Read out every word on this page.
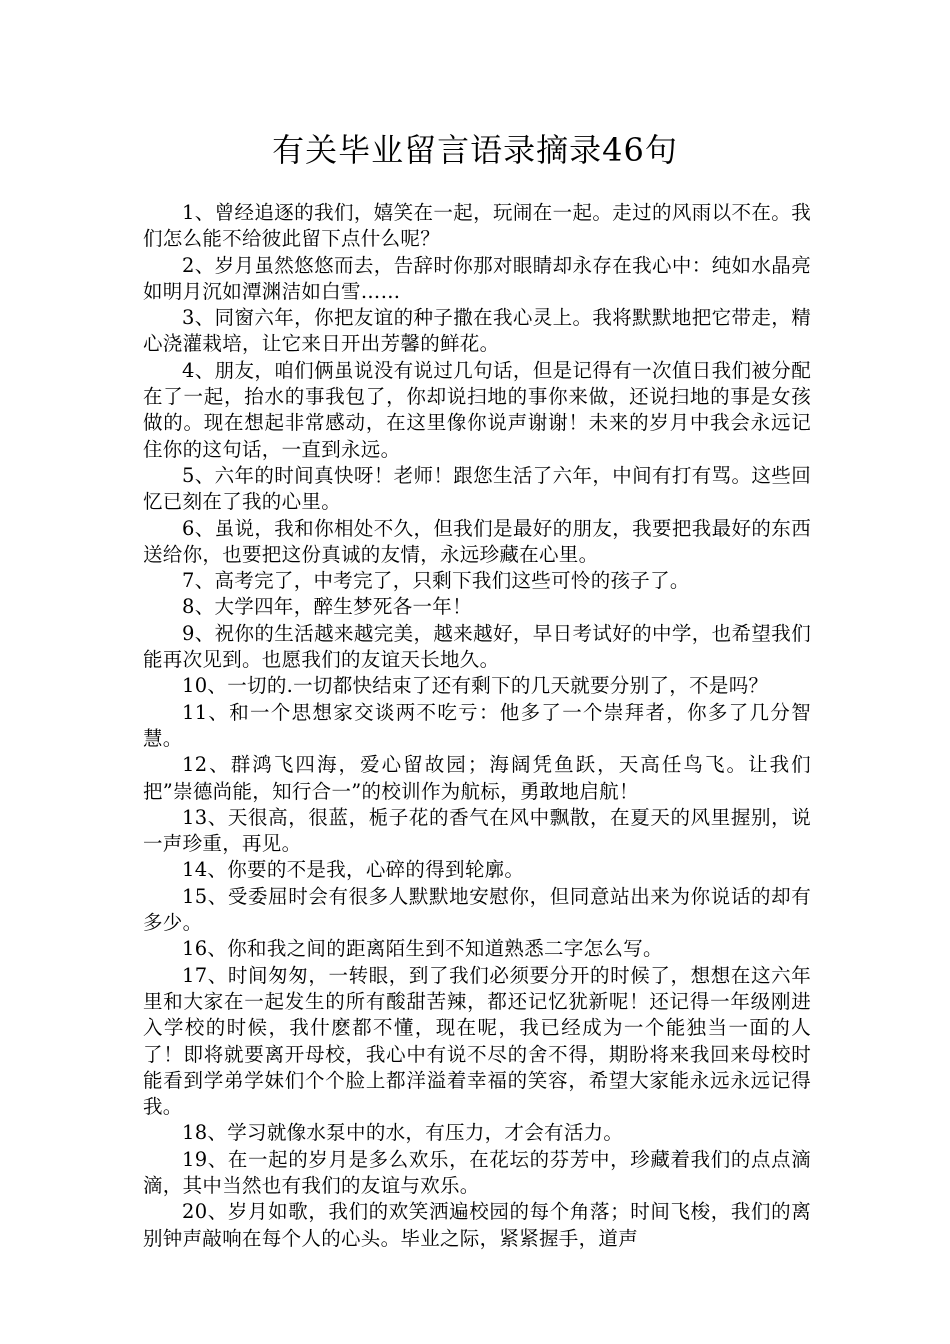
有关毕业留言语录摘录46句

1、曾经追逐的我们，嬉笑在一起，玩闹在一起。走过的风雨以不在。我们怎么能不给彼此留下点什么呢？

2、岁月虽然悠悠而去，告辞时你那对眼睛却永存在我心中：纯如水晶亮如明月沉如潭渊洁如白雪……

3、同窗六年，你把友谊的种子撒在我心灵上。我将默默地把它带走，精心浇灌栽培，让它来日开出芳馨的鲜花。

4、朋友，咱们俩虽说没有说过几句话，但是记得有一次值日我们被分配在了一起，抬水的事我包了，你却说扫地的事你来做，还说扫地的事是女孩做的。现在想起非常感动，在这里像你说声谢谢！未来的岁月中我会永远记住你的这句话，一直到永远。

5、六年的时间真快呀！老师！跟您生活了六年，中间有打有骂。这些回忆已刻在了我的心里。

6、虽说，我和你相处不久，但我们是最好的朋友，我要把我最好的东西送给你，也要把这份真诚的友情，永远珍藏在心里。

7、高考完了，中考完了，只剩下我们这些可怜的孩子了。

8、大学四年，醉生梦死各一年！

9、祝你的生活越来越完美，越来越好，早日考试好的中学，也希望我们能再次见到。也愿我们的友谊天长地久。

10、一切的.一切都快结束了还有剩下的几天就要分别了，不是吗？

11、和一个思想家交谈两不吃亏：他多了一个崇拜者，你多了几分智慧。

12、群鸿飞四海，爱心留故园；海阔凭鱼跃，天高任鸟飞。让我们把”崇德尚能，知行合一”的校训作为航标，勇敢地启航！

13、天很高，很蓝，栀子花的香气在风中飘散，在夏天的风里握别，说一声珍重，再见。

14、你要的不是我，心碎的得到轮廓。

15、受委屈时会有很多人默默地安慰你，但同意站出来为你说话的却有多少。

16、你和我之间的距离陌生到不知道熟悉二字怎么写。

17、时间匆匆，一转眼，到了我们必须要分开的时候了，想想在这六年里和大家在一起发生的所有酸甜苦辣，都还记忆犹新呢！还记得一年级刚进入学校的时候，我什麽都不懂，现在呢，我已经成为一个能独当一面的人了！即将就要离开母校，我心中有说不尽的舍不得，期盼将来我回来母校时能看到学弟学妹们个个脸上都洋溢着幸福的笑容，希望大家能永远永远记得我。

18、学习就像水泵中的水，有压力，才会有活力。

19、在一起的岁月是多么欢乐，在花坛的芬芳中，珍藏着我们的点点滴滴，其中当然也有我们的友谊与欢乐。

20、岁月如歌，我们的欢笑洒遍校园的每个角落；时间飞梭，我们的离别钟声敲响在每个人的心头。毕业之际，紧紧握手，道声
